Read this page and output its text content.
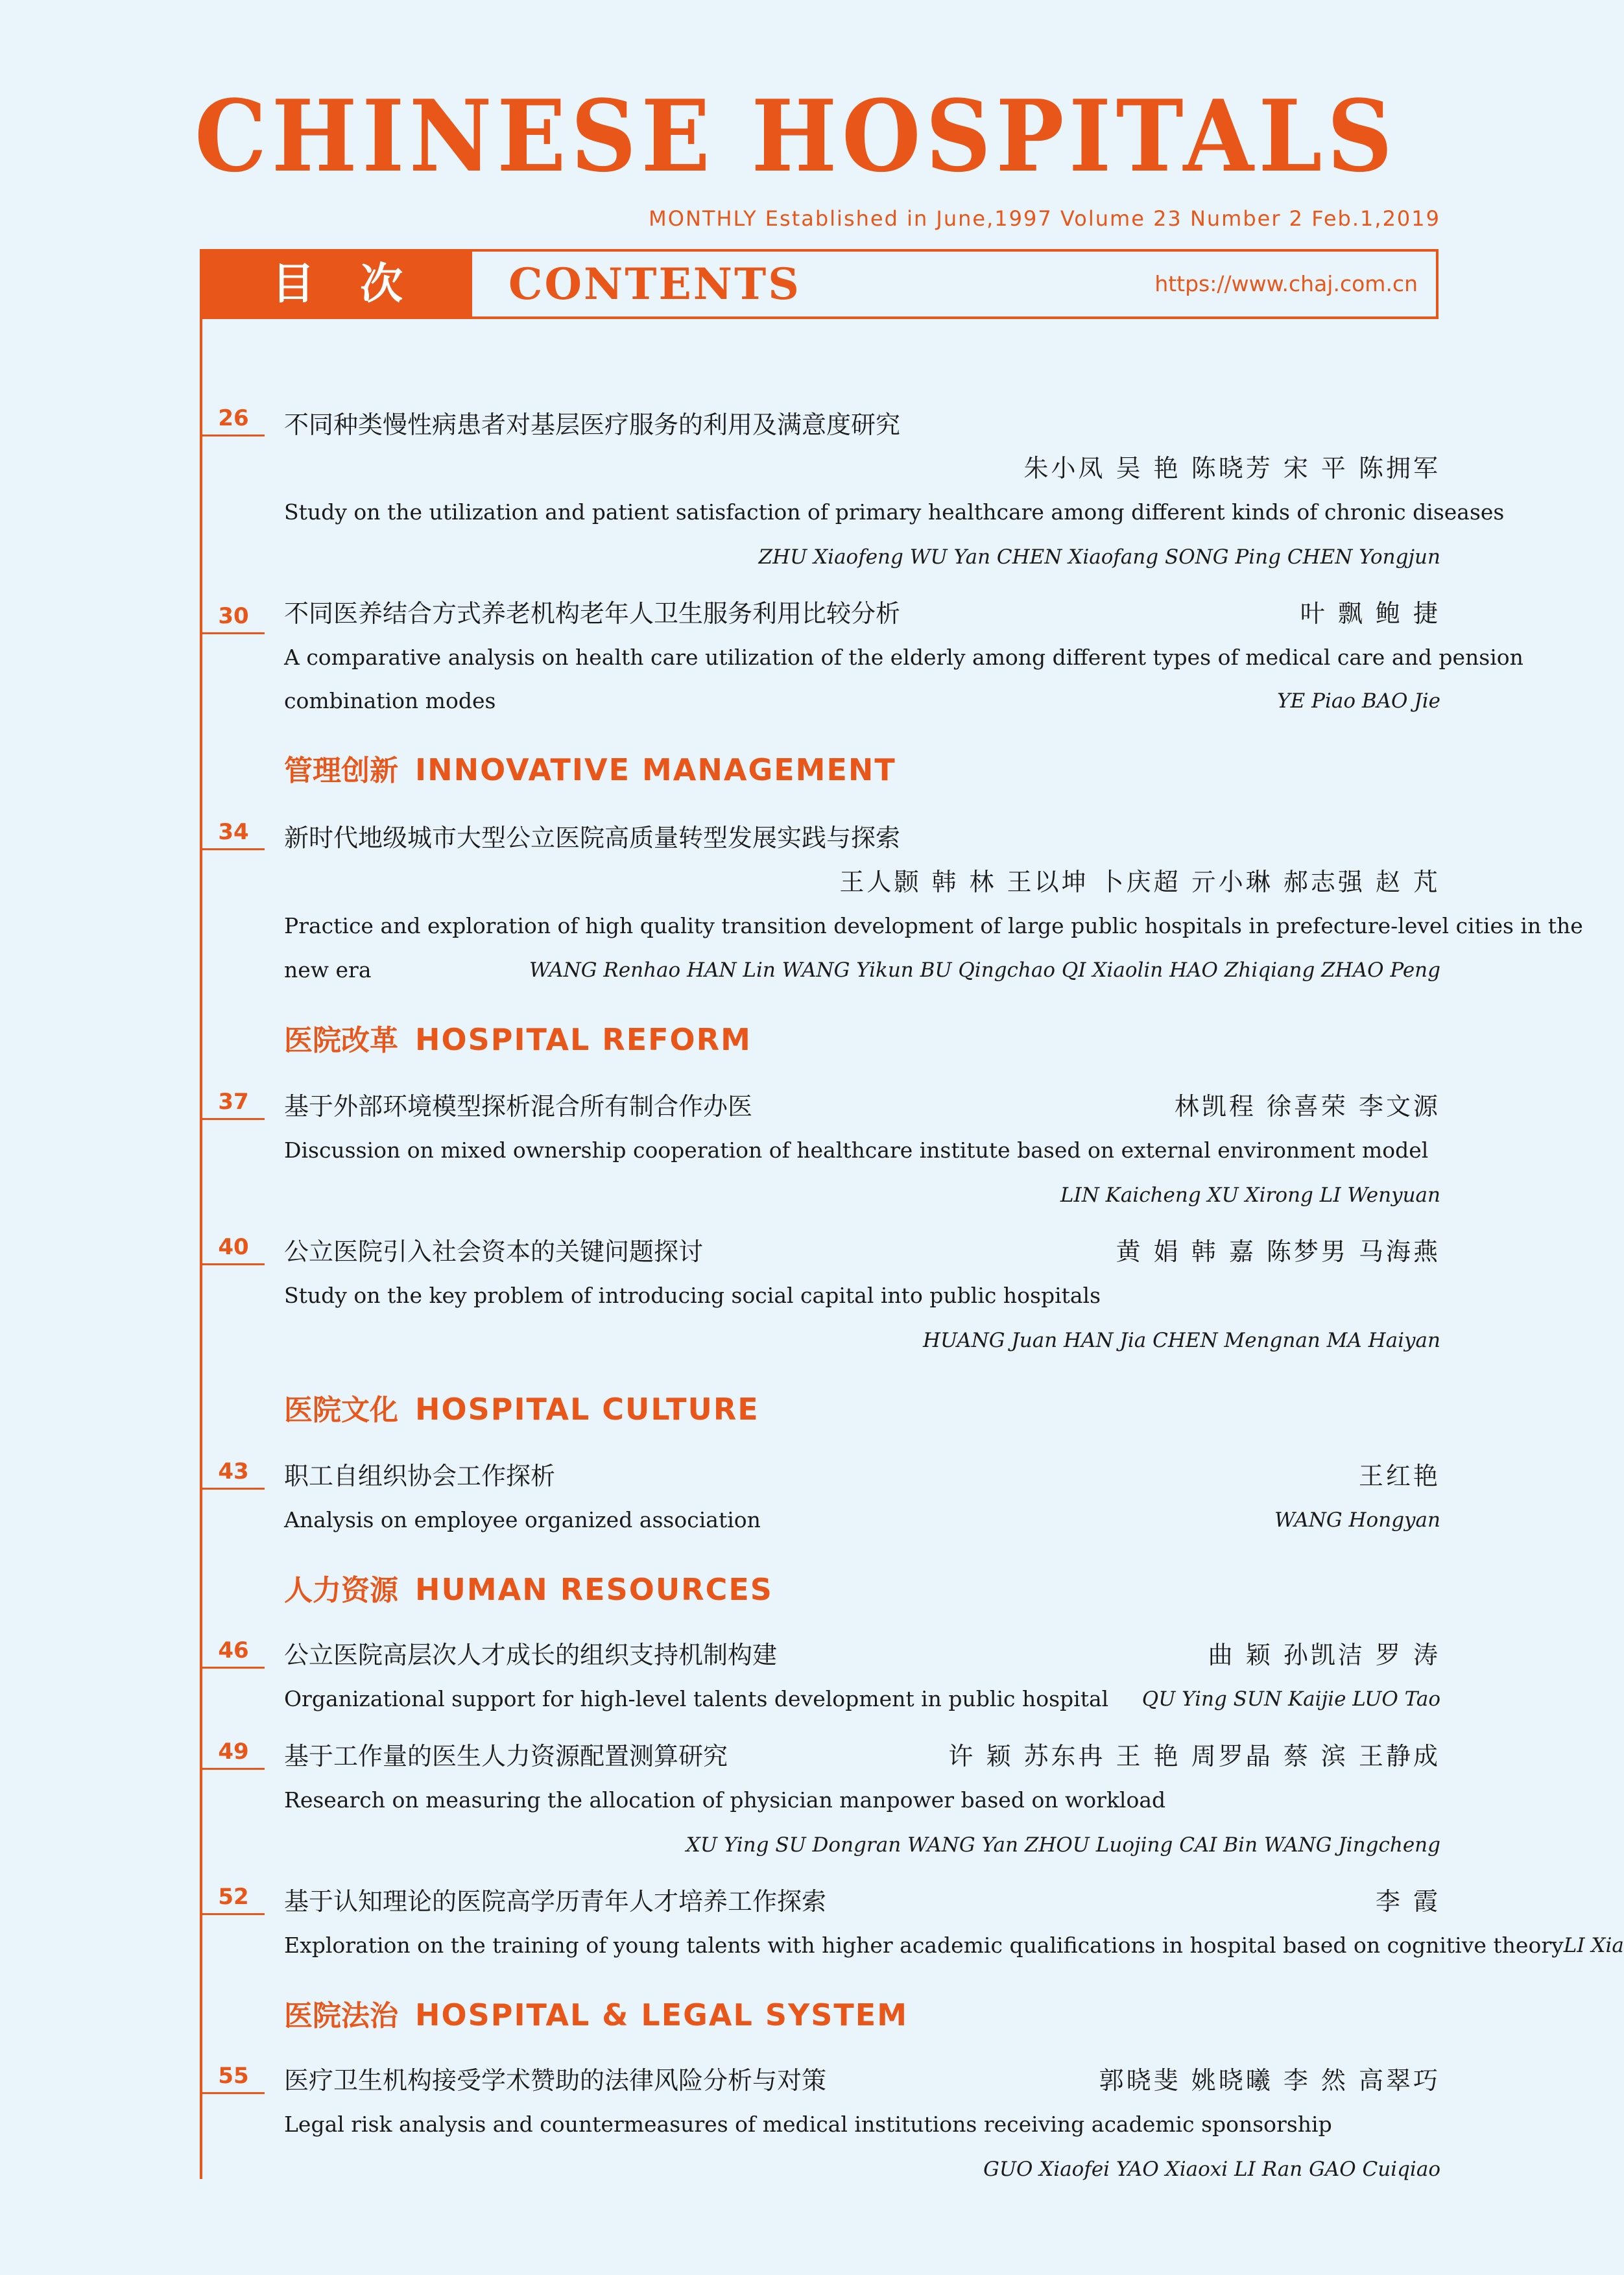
CHINESE HOSPITALS
MONTHLY Established in June,1997 Volume 23 Number 2 Feb.1,2019
目次	CONTENTS	https://www.chaj.com.cn
26	不同种类慢性病患者对基层医疗服务的利用及满意度研究
朱小凤 吴 艳 陈晓芳 宋 平 陈拥军
Study on the utilization and patient satisfaction of primary healthcare among different kinds of chronic diseases
ZHU Xiaofeng WU Yan CHEN Xiaofang SONG Ping CHEN Yongjun
30	不同医养结合方式养老机构老年人卫生服务利用比较分析	叶 飘 鲍 捷
A comparative analysis on health care utilization of the elderly among different types of medical care and pension
combination modes	YE Piao BAO Jie
管理创新 INNOVATIVE MANAGEMENT
34	新时代地级城市大型公立医院高质量转型发展实践与探索
王人颢 韩 林 王以坤 卜庆超 亓小琳 郝志强 赵 芃
Practice and exploration of high quality transition development of large public hospitals in prefecture-level cities in the
new era	WANG Renhao HAN Lin WANG Yikun BU Qingchao QI Xiaolin HAO Zhiqiang ZHAO Peng
医院改革 HOSPITAL REFORM
37	基于外部环境模型探析混合所有制合作办医	林凯程 徐喜荣 李文源
Discussion on mixed ownership cooperation of healthcare institute based on external environment model
LIN Kaicheng XU Xirong LI Wenyuan
40	公立医院引入社会资本的关键问题探讨	黄 娟 韩 嘉 陈梦男 马海燕
Study on the key problem of introducing social capital into public hospitals
HUANG Juan HAN Jia CHEN Mengnan MA Haiyan
医院文化 HOSPITAL CULTURE
43	职工自组织协会工作探析	王红艳
Analysis on employee organized association	WANG Hongyan
人力资源 HUMAN RESOURCES
46	公立医院高层次人才成长的组织支持机制构建	曲 颖 孙凯洁 罗 涛
Organizational support for high-level talents development in public hospital QU Ying SUN Kaijie LUO Tao
49	基于工作量的医生人力资源配置测算研究	许 颖 苏东冉 王 艳 周罗晶 蔡 滨 王静成
Research on measuring the allocation of physician manpower based on workload
XU Ying SU Dongran WANG Yan ZHOU Luojing CAI Bin WANG Jingcheng
52	基于认知理论的医院高学历青年人才培养工作探索	李 霞
Exploration on the training of young talents with higher academic qualifications in hospital based on cognitive theory LI Xia
医院法治 HOSPITAL & LEGAL SYSTEM
55	医疗卫生机构接受学术赞助的法律风险分析与对策	郭晓斐 姚晓曦 李 然 高翠巧
Legal risk analysis and countermeasures of medical institutions receiving academic sponsorship
GUO Xiaofei YAO Xiaoxi LI Ran GAO Cuiqiao
